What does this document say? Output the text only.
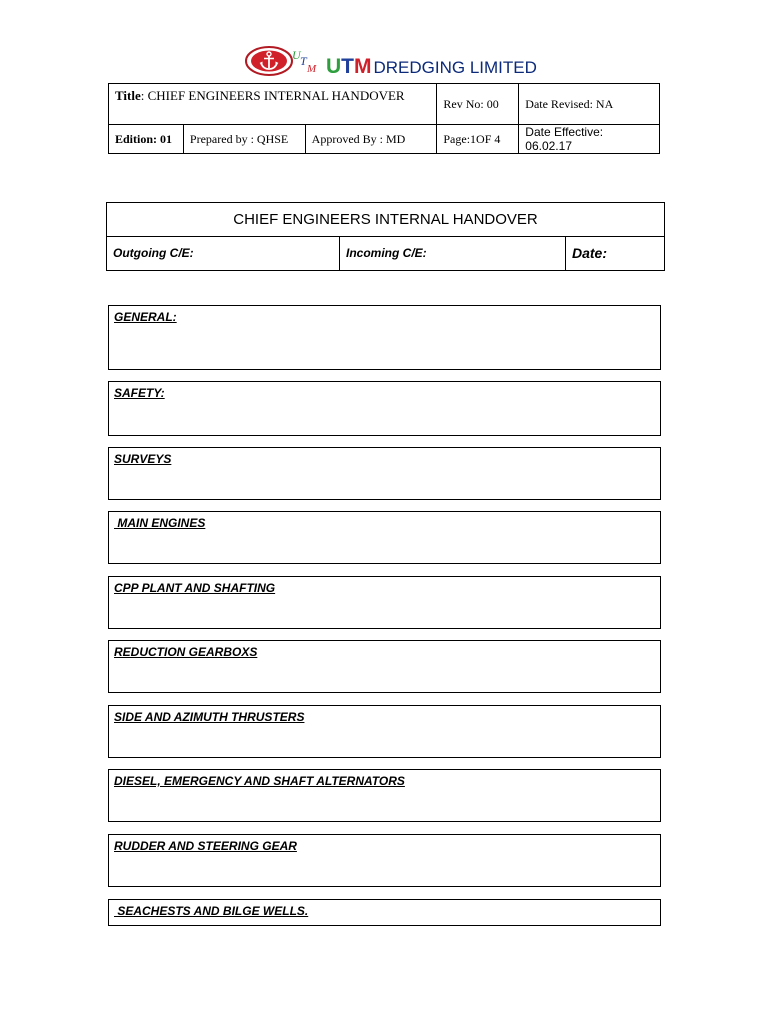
U T
M UTM DREDGING LIMITED
Title: CHIEF ENGINEERS INTERNAL HANDOVER			Rev No: 00	Date Revised: NA
Edition: 01	Prepared by : QHSE	Approved By : MD	Page:1OF 4	Date Effective: 06.02.17
CHIEF ENGINEERS INTERNAL HANDOVER
Outgoing C/E:	Incoming C/E:	Date:
GENERAL:
SAFETY:
SURVEYS
MAIN ENGINES
CPP PLANT AND SHAFTING
REDUCTION GEARBOXS
SIDE AND AZIMUTH THRUSTERS
DIESEL, EMERGENCY AND SHAFT ALTERNATORS
RUDDER AND STEERING GEAR
SEACHESTS AND BILGE WELLS.
